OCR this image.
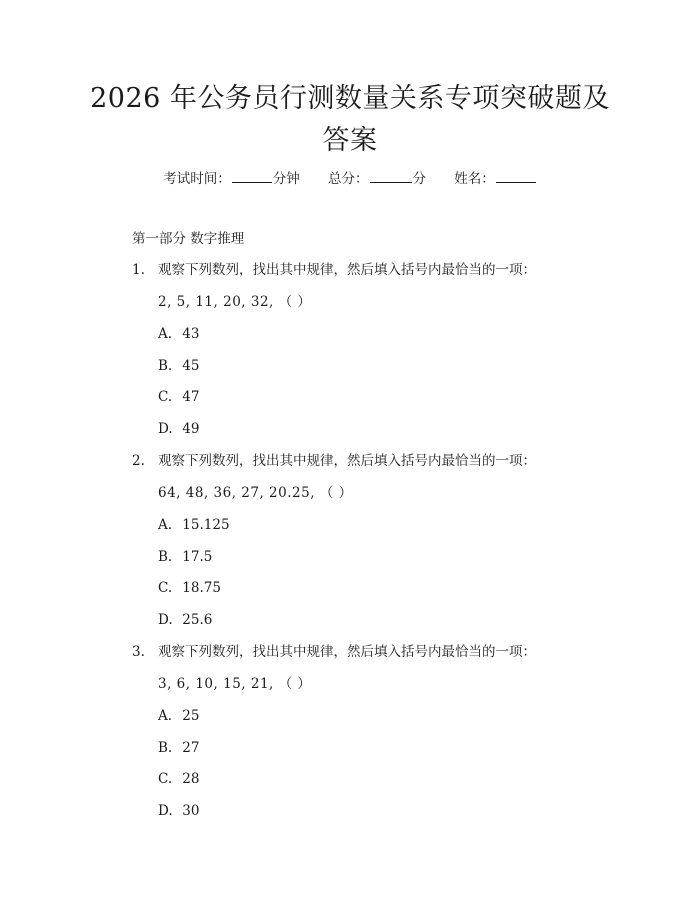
2026 年公务员行测数量关系专项突破题及答案
考试时间：	分钟 总分：	分 姓名：
第一部分 数字推理
1. 观察下列数列，找出其中规律，然后填入括号内最恰当的一项：
2, 5, 11, 20, 32, （ ）
A. 43
B. 45
C. 47
D. 49
2. 观察下列数列，找出其中规律，然后填入括号内最恰当的一项：
64, 48, 36, 27, 20.25, （ ）
A. 15.125
B. 17.5
C. 18.75
D. 25.6
3. 观察下列数列，找出其中规律，然后填入括号内最恰当的一项：
3, 6, 10, 15, 21, （ ）
A. 25
B. 27
C. 28
D. 30
